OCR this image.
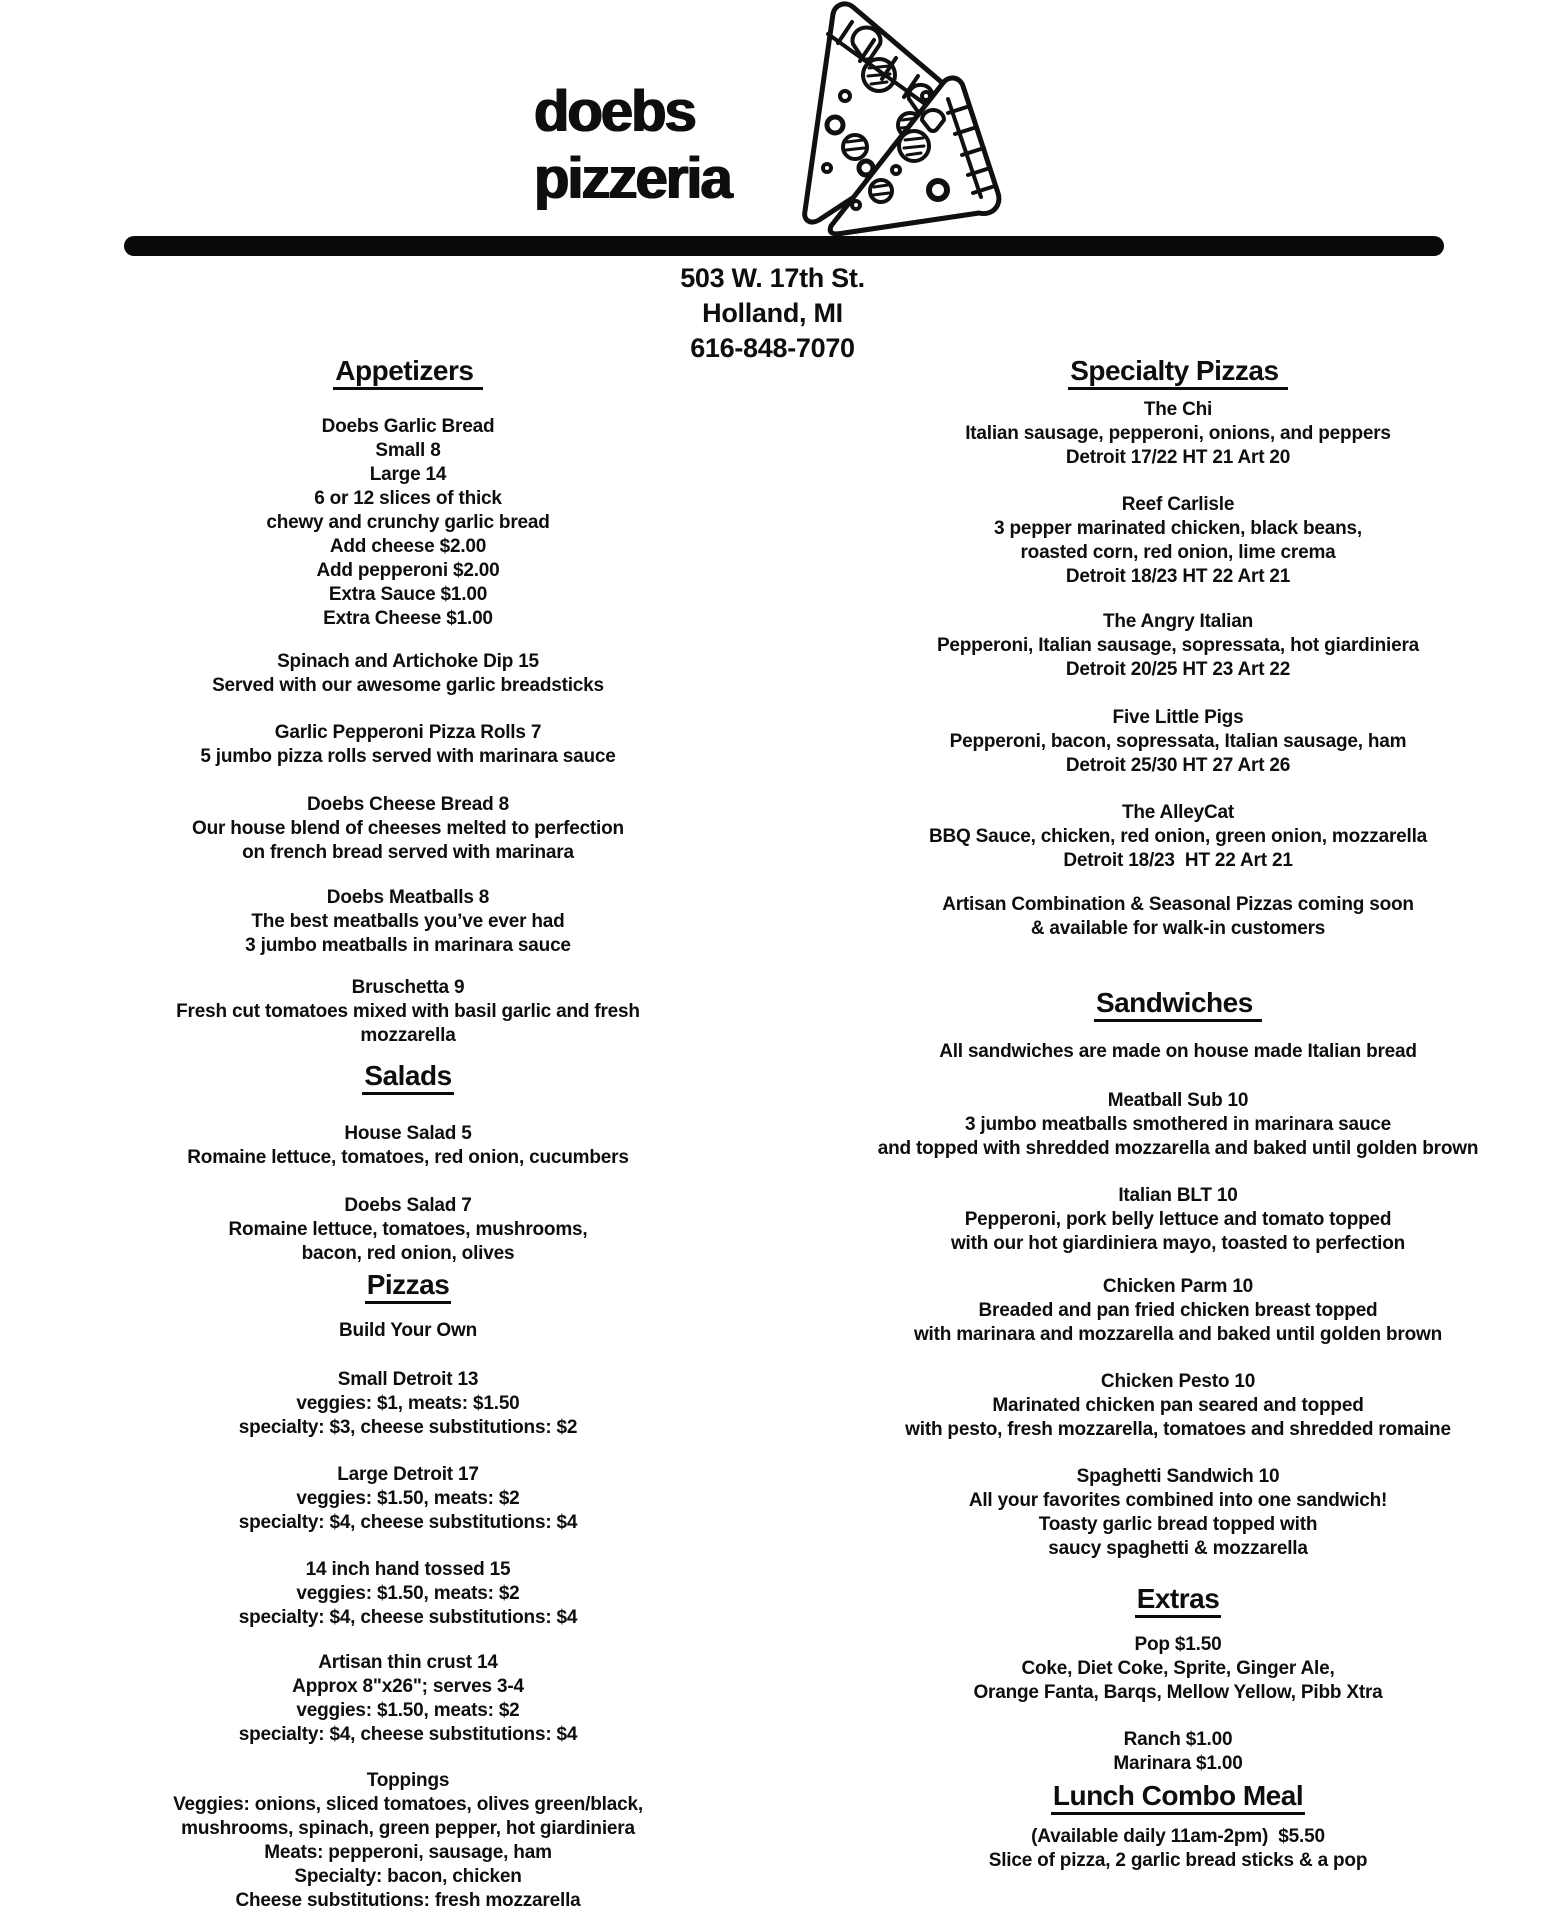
doebs
pizzeria
503 W. 17th St.
Holland, MI
616-848-7070
Appetizers
Doebs Garlic Bread
Small 8
Large 14
6 or 12 slices of thick
chewy and crunchy garlic bread
Add cheese $2.00
Add pepperoni $2.00
Extra Sauce $1.00
Extra Cheese $1.00
Spinach and Artichoke Dip 15
Served with our awesome garlic breadsticks
Garlic Pepperoni Pizza Rolls 7
5 jumbo pizza rolls served with marinara sauce
Doebs Cheese Bread 8
Our house blend of cheeses melted to perfection
on french bread served with marinara
Doebs Meatballs 8
The best meatballs you’ve ever had
3 jumbo meatballs in marinara sauce
Bruschetta 9
Fresh cut tomatoes mixed with basil garlic and fresh
mozzarella
Salads
House Salad 5
Romaine lettuce, tomatoes, red onion, cucumbers
Doebs Salad 7
Romaine lettuce, tomatoes, mushrooms,
bacon, red onion, olives
Pizzas
Build Your Own
Small Detroit 13
veggies: $1, meats: $1.50
specialty: $3, cheese substitutions: $2
Large Detroit 17
veggies: $1.50, meats: $2
specialty: $4, cheese substitutions: $4
14 inch hand tossed 15
veggies: $1.50, meats: $2
specialty: $4, cheese substitutions: $4
Artisan thin crust 14
Approx 8"x26"; serves 3-4
veggies: $1.50, meats: $2
specialty: $4, cheese substitutions: $4
Toppings
Veggies: onions, sliced tomatoes, olives green/black,
mushrooms, spinach, green pepper, hot giardiniera
Meats: pepperoni, sausage, ham
Specialty: bacon, chicken
Cheese substitutions: fresh mozzarella
Specialty Pizzas
The Chi
Italian sausage, pepperoni, onions, and peppers
Detroit 17/22 HT 21 Art 20
Reef Carlisle
3 pepper marinated chicken, black beans,
roasted corn, red onion, lime crema
Detroit 18/23 HT 22 Art 21
The Angry Italian
Pepperoni, Italian sausage, sopressata, hot giardiniera
Detroit 20/25 HT 23 Art 22
Five Little Pigs
Pepperoni, bacon, sopressata, Italian sausage, ham
Detroit 25/30 HT 27 Art 26
The AlleyCat
BBQ Sauce, chicken, red onion, green onion, mozzarella
Detroit 18/23  HT 22 Art 21
Artisan Combination & Seasonal Pizzas coming soon
& available for walk-in customers
Sandwiches
All sandwiches are made on house made Italian bread
Meatball Sub 10
3 jumbo meatballs smothered in marinara sauce
and topped with shredded mozzarella and baked until golden brown
Italian BLT 10
Pepperoni, pork belly lettuce and tomato topped
with our hot giardiniera mayo, toasted to perfection
Chicken Parm 10
Breaded and pan fried chicken breast topped
with marinara and mozzarella and baked until golden brown
Chicken Pesto 10
Marinated chicken pan seared and topped
with pesto, fresh mozzarella, tomatoes and shredded romaine
Spaghetti Sandwich 10
All your favorites combined into one sandwich!
Toasty garlic bread topped with
saucy spaghetti & mozzarella
Extras
Pop $1.50
Coke, Diet Coke, Sprite, Ginger Ale,
Orange Fanta, Barqs, Mellow Yellow, Pibb Xtra
Ranch $1.00
Marinara $1.00
Lunch Combo Meal
(Available daily 11am-2pm)  $5.50
Slice of pizza, 2 garlic bread sticks & a pop
